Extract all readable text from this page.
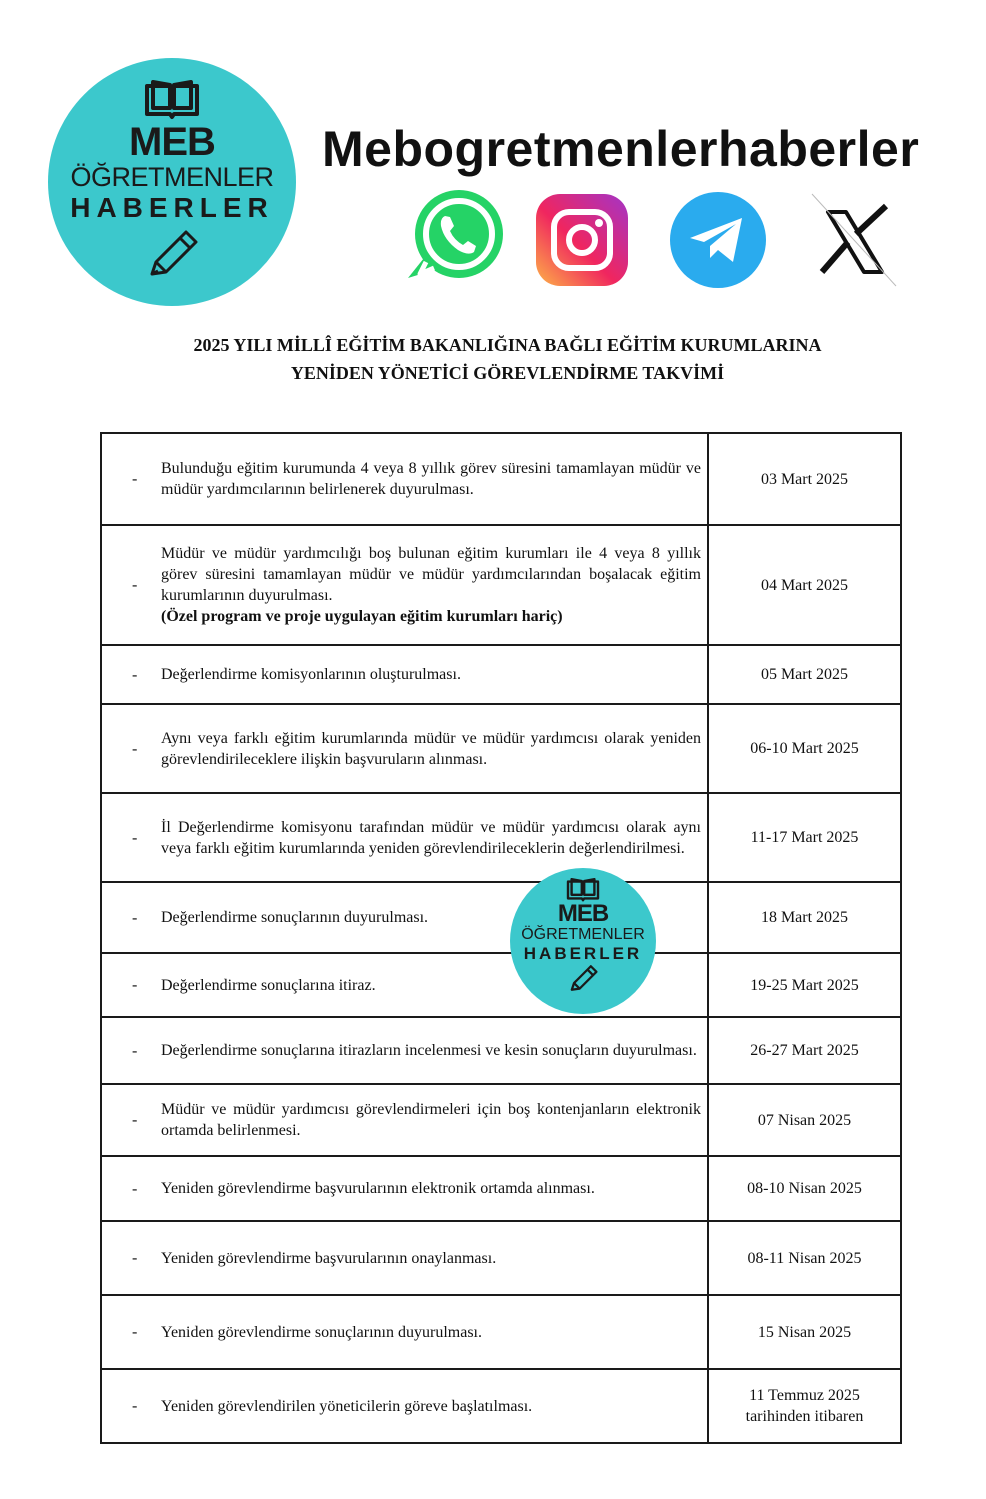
MEB
ÖĞRETMENLER
HABERLER
Mebogretmenlerhaberler
2025 YILI MİLLÎ EĞİTİM BAKANLIĞINA BAĞLI EĞİTİM KURUMLARINA
YENİDEN YÖNETİCİ GÖREVLENDİRME TAKVİMİ
-
Bulunduğu eğitim kurumunda 4 veya 8 yıllık görev süresini tamamlayan müdür ve müdür yardımcılarının belirlenerek duyurulması.	03 Mart 2025

-
Müdür ve müdür yardımcılığı boş bulunan eğitim kurumları ile 4 veya 8 yıllık görev süresini tamamlayan müdür ve müdür yardımcılarından boşalacak eğitim kurumlarının duyurulması.
(Özel program ve proje uygulayan eğitim kurumları hariç)	04 Mart 2025

- Değerlendirme komisyonlarının oluşturulması.	05 Mart 2025

-
Aynı veya farklı eğitim kurumlarında müdür ve müdür yardımcısı olarak yeniden görevlendirileceklere ilişkin başvuruların alınması.	06-10 Mart 2025

-
İl Değerlendirme komisyonu tarafından müdür ve müdür yardımcısı olarak aynı veya farklı eğitim kurumlarında yeniden görevlendirileceklerin değerlendirilmesi.	11-17 Mart 2025

- Değerlendirme sonuçlarının duyurulması.	18 Mart 2025

- Değerlendirme sonuçlarına itiraz.	19-25 Mart 2025

- Değerlendirme sonuçlarına itirazların incelenmesi ve kesin sonuçların duyurulması.	26-27 Mart 2025

-
Müdür ve müdür yardımcısı görevlendirmeleri için boş kontenjanların elektronik ortamda belirlenmesi.	07 Nisan 2025

- Yeniden görevlendirme başvurularının elektronik ortamda alınması.	08-10 Nisan 2025

- Yeniden görevlendirme başvurularının onaylanması.	08-11 Nisan 2025

- Yeniden görevlendirme sonuçlarının duyurulması.	15 Nisan 2025

- Yeniden görevlendirilen yöneticilerin göreve başlatılması.	11 Temmuz 2025
tarihinden itibaren
MEB
ÖĞRETMENLER
HABERLER
